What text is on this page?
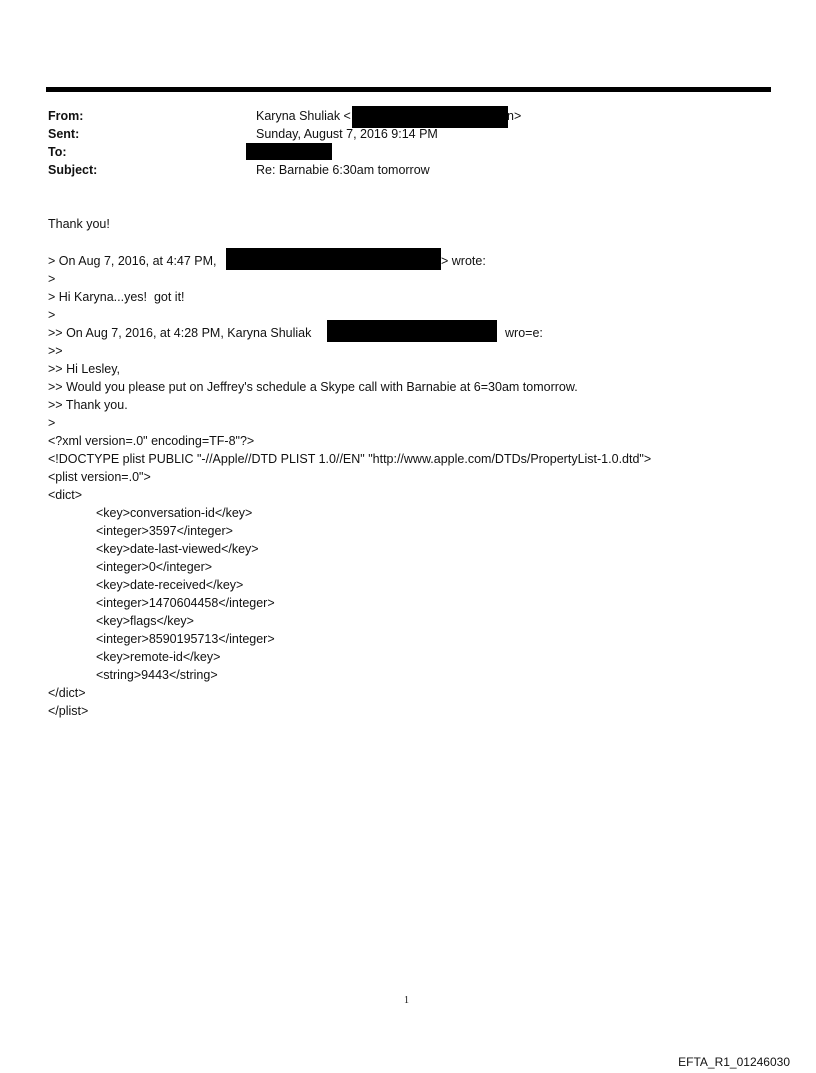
From:	Karyna Shuliak <	n>
Sent:	Sunday, August 7, 2016 9:14 PM
To:
Subject:	Re: Barnabie 6:30am tomorrow
Thank you!
> On Aug 7, 2016, at 4:47 PM,	> wrote:
>
> Hi Karyna...yes!  got it!
>
>> On Aug 7, 2016, at 4:28 PM, Karyna Shuliak	wro=e:
>>
>> Hi Lesley,
>> Would you please put on Jeffrey's schedule a Skype call with Barnabie at 6=30am tomorrow.
>> Thank you.
>
<?xml version=.0" encoding=TF-8"?>
<!DOCTYPE plist PUBLIC "-//Apple//DTD PLIST 1.0//EN" "http://www.apple.com/DTDs/PropertyList-1.0.dtd">
<plist version=.0">
<dict>
<key>conversation-id</key>
<integer>3597</integer>
<key>date-last-viewed</key>
<integer>0</integer>
<key>date-received</key>
<integer>1470604458</integer>
<key>flags</key>
<integer>8590195713</integer>
<key>remote-id</key>
<string>9443</string>
</dict>
</plist>
1
EFTA_R1_01246030
